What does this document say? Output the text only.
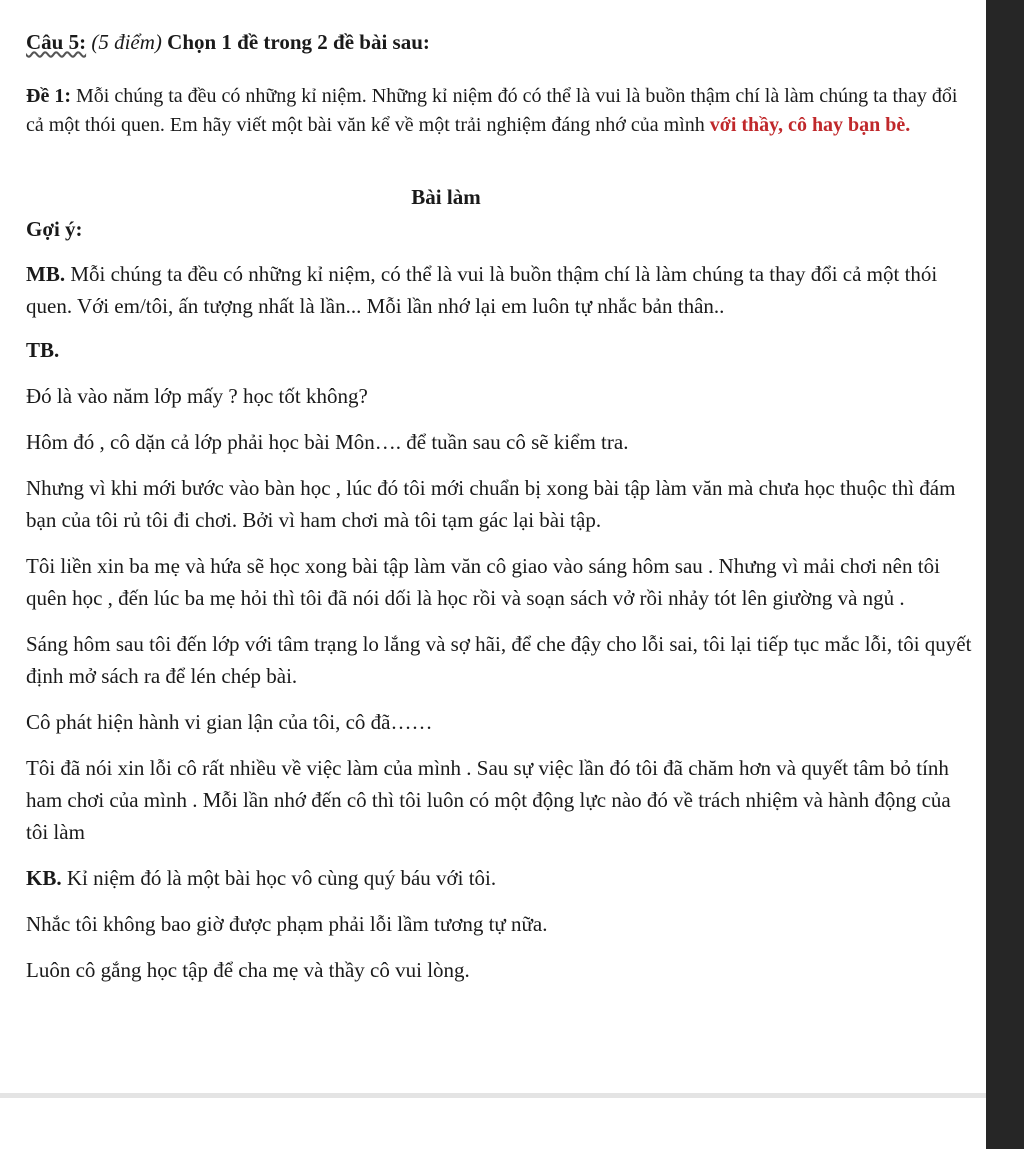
Câu 5: (5 điểm) Chọn 1 đề trong 2 đề bài sau:

Đề 1: Mỗi chúng ta đều có những kỉ niệm. Những kỉ niệm đó có thể là vui là buồn thậm chí là làm chúng ta thay đổi cả một thói quen. Em hãy viết một bài văn kể về một trải nghiệm đáng nhớ của mình với thầy, cô hay bạn bè.

Bài làm

Gợi ý:

MB. Mỗi chúng ta đều có những kỉ niệm, có thể là vui là buồn thậm chí là làm chúng ta thay đổi cả một thói quen. Với em/tôi, ấn tượng nhất là lần... Mỗi lần nhớ lại em luôn tự nhắc bản thân..

TB.

Đó là vào năm lớp mấy ? học tốt không?

Hôm đó , cô dặn cả lớp phải học bài Môn…. để tuần sau cô sẽ kiểm tra.

Nhưng vì khi mới bước vào bàn học , lúc đó tôi mới chuẩn bị xong bài tập làm văn mà chưa học thuộc thì đám bạn của tôi rủ tôi đi chơi. Bởi vì ham chơi mà tôi tạm gác lại bài tập.

Tôi liền xin ba mẹ và hứa sẽ học xong bài tập làm văn cô giao vào sáng hôm sau . Nhưng vì mải chơi nên tôi quên học , đến lúc ba mẹ hỏi thì tôi đã nói dối là học rồi và soạn sách vở rồi nhảy tót lên giường và ngủ .

Sáng hôm sau tôi đến lớp với tâm trạng lo lắng và sợ hãi, để che đậy cho lỗi sai, tôi lại tiếp tục mắc lỗi, tôi quyết định mở sách ra để lén chép bài.

Cô phát hiện hành vi gian lận của tôi, cô đã……

Tôi đã nói xin lỗi cô rất nhiều về việc làm của mình . Sau sự việc lần đó tôi đã chăm hơn và quyết tâm bỏ tính ham chơi của mình . Mỗi lần nhớ đến cô thì tôi luôn có một động lực nào đó về trách nhiệm và hành động của tôi làm

KB. Kỉ niệm đó là một bài học vô cùng quý báu với tôi.

Nhắc tôi không bao giờ được phạm phải lỗi lầm tương tự nữa.

Luôn cô gắng học tập để cha mẹ và thầy cô vui lòng.
